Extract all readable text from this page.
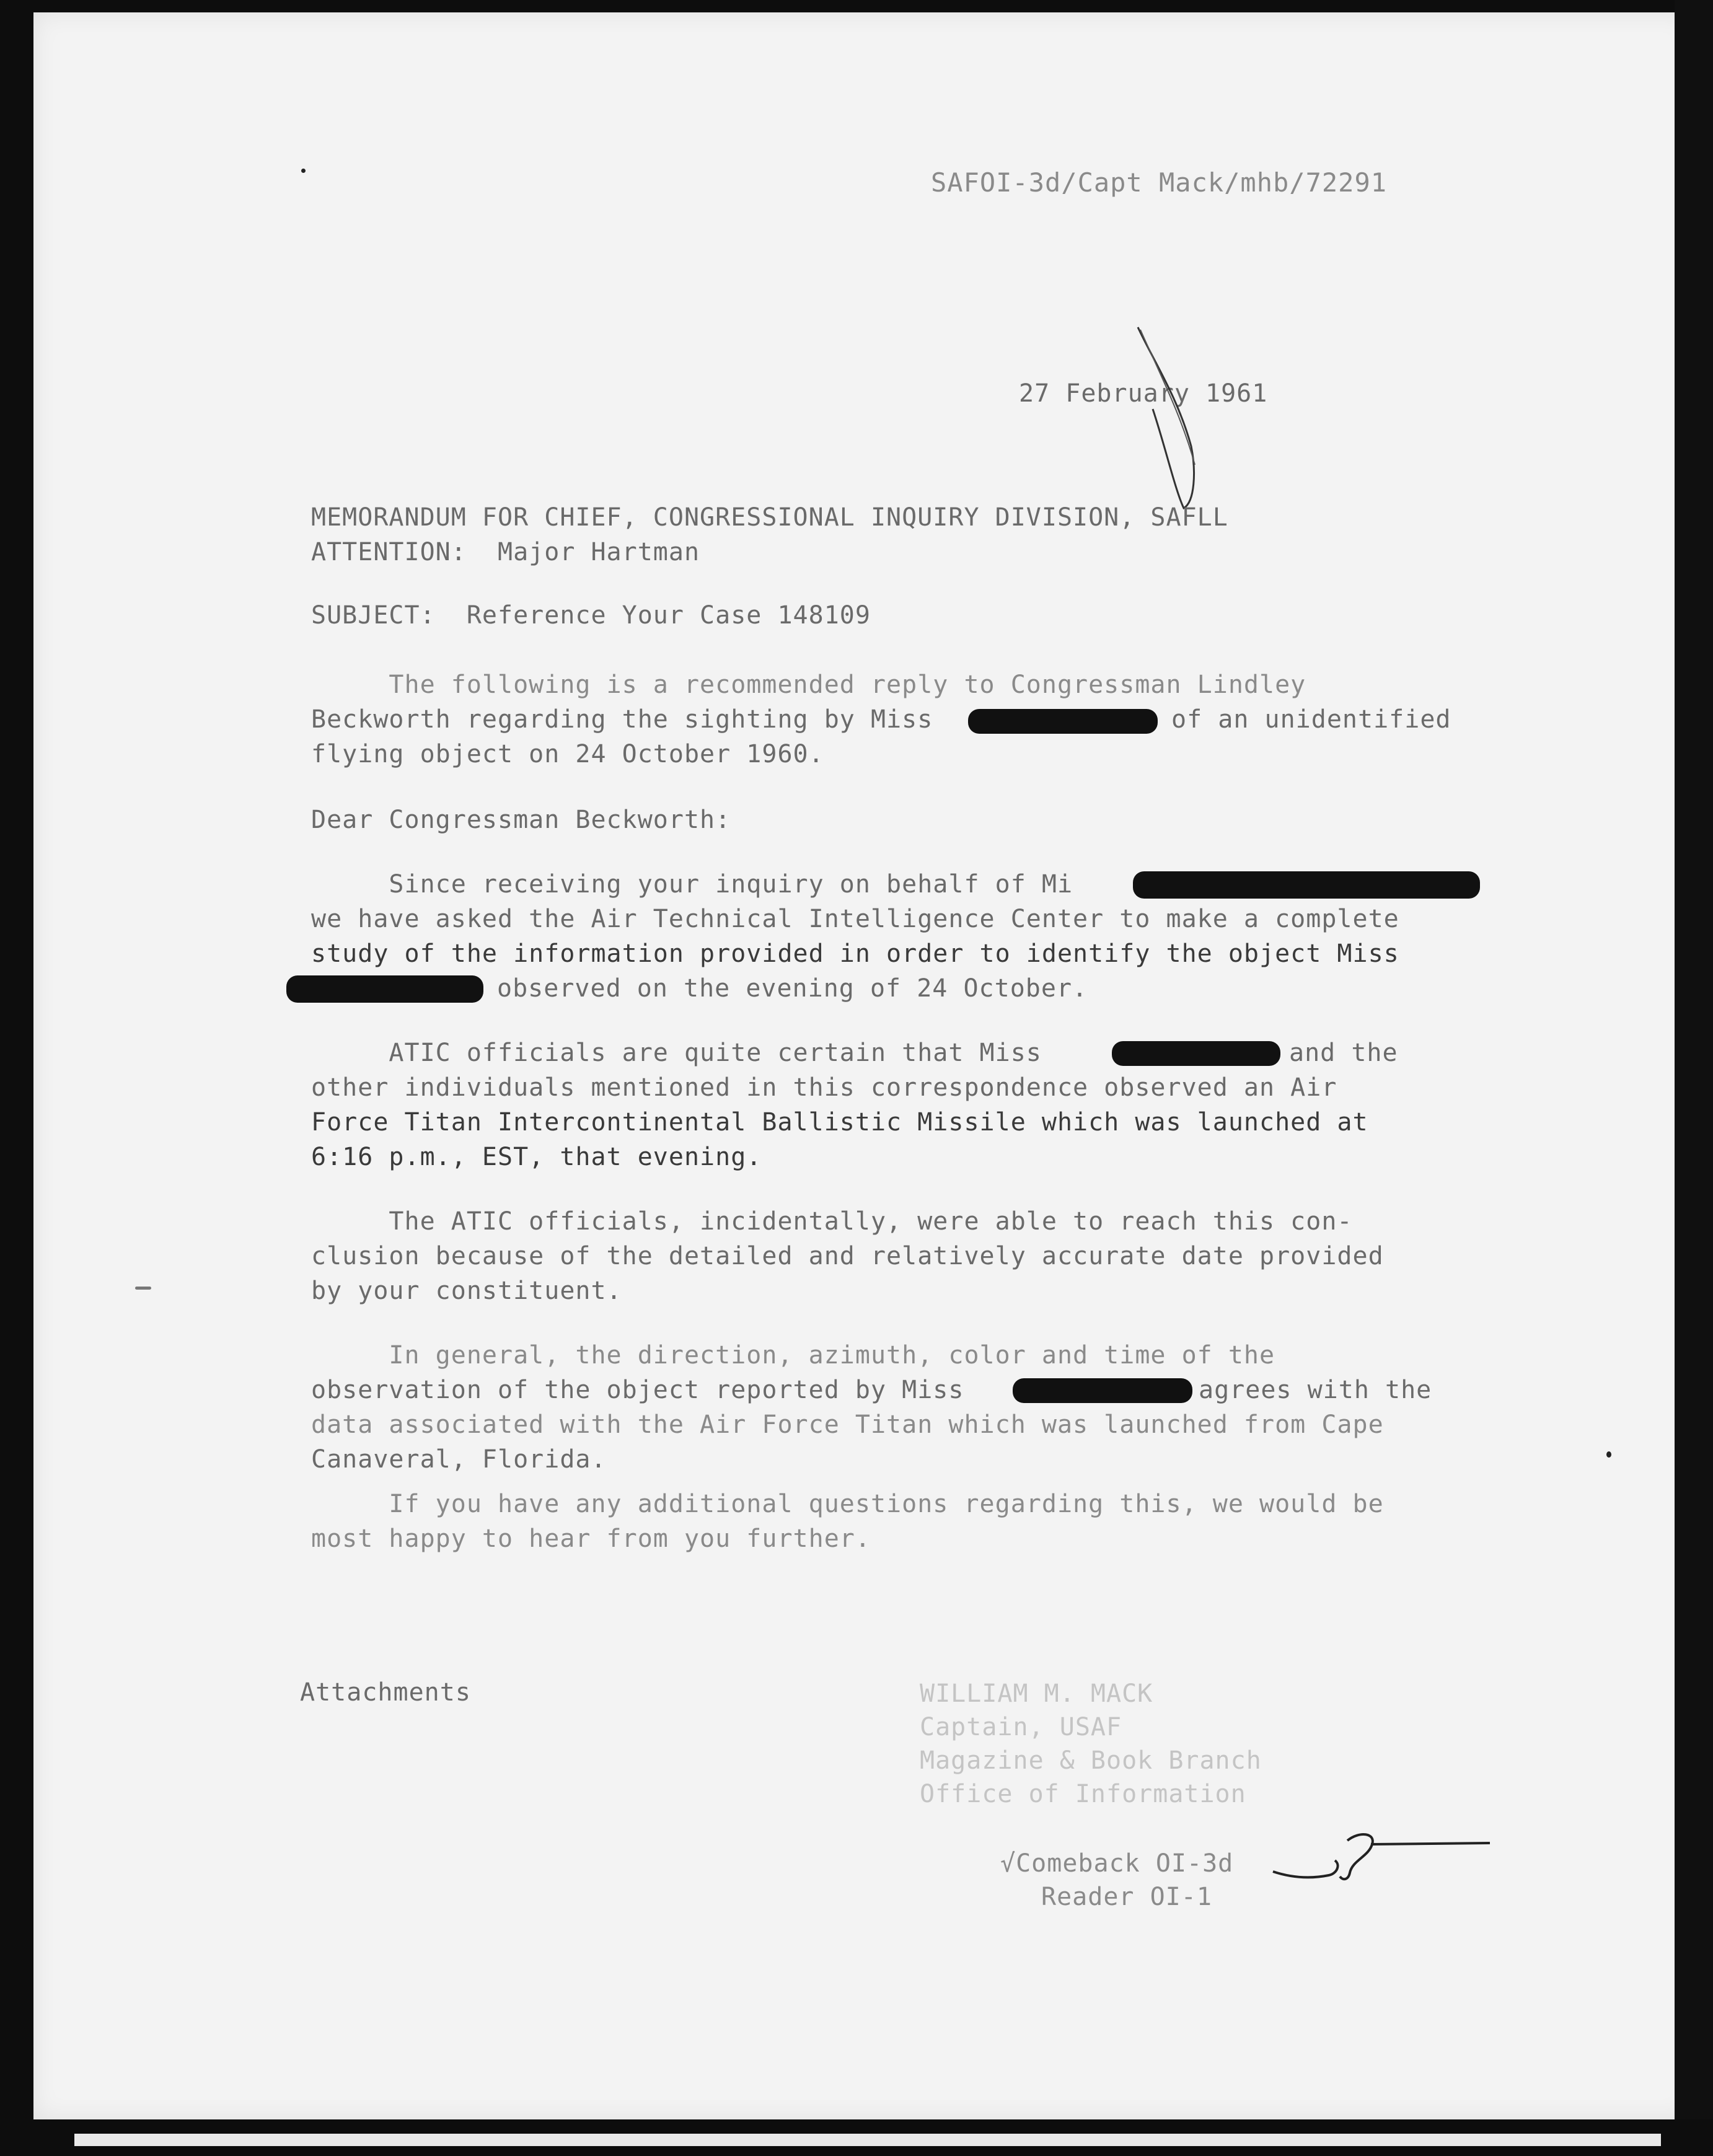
SAFOI-3d/Capt Mack/mhb/72291

27 February 1961

MEMORANDUM FOR CHIEF, CONGRESSIONAL INQUIRY DIVISION, SAFLL

ATTENTION:  Major Hartman

SUBJECT:  Reference Your Case 148109

The following is a recommended reply to Congressman Lindley

Beckworth regarding the sighting by Miss	of an unidentified

flying object on 24 October 1960.

Dear Congressman Beckworth:

Since receiving your inquiry on behalf of Mi

we have asked the Air Technical Intelligence Center to make a complete

study of the information provided in order to identify the object Miss

observed on the evening of 24 October.

ATIC officials are quite certain that Miss	and the

other individuals mentioned in this correspondence observed an Air

Force Titan Intercontinental Ballistic Missile which was launched at

6:16 p.m., EST, that evening.

The ATIC officials, incidentally, were able to reach this con-

clusion because of the detailed and relatively accurate date provided

by your constituent.

In general, the direction, azimuth, color and time of the

observation of the object reported by Miss	agrees with the

data associated with the Air Force Titan which was launched from Cape

Canaveral, Florida.

If you have any additional questions regarding this, we would be

most happy to hear from you further.

Attachments	WILLIAM M. MACK

Captain, USAF

Magazine & Book Branch

Office of Information

√Comeback OI-3d

Reader OI-1
